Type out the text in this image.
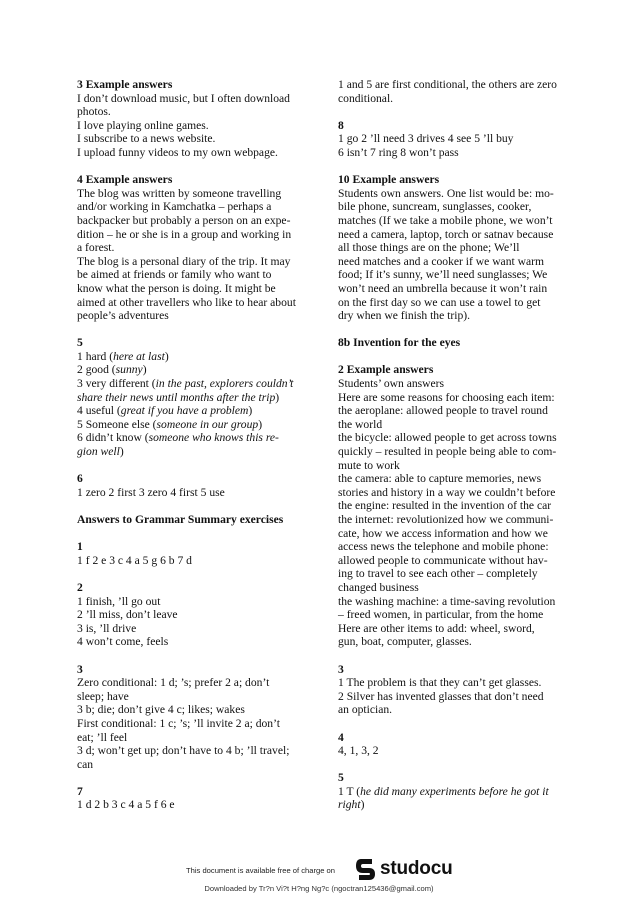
3 Example answers
I don’t download music, but I often download
photos.
I love playing online games.
I subscribe to a news website.
I upload funny videos to my own webpage.
4 Example answers
The blog was written by someone travelling
and/or working in Kamchatka – perhaps a
backpacker but probably a person on an expe-
dition – he or she is in a group and working in
a forest.
The blog is a personal diary of the trip. It may
be aimed at friends or family who want to
know what the person is doing. It might be
aimed at other travellers who like to hear about
people’s adventures
5
1 hard (here at last)
2 good (sunny)
3 very different (in the past, explorers couldn’t
share their news until months after the trip)
4 useful (great if you have a problem)
5 Someone else (someone in our group)
6 didn’t know (someone who knows this re-
gion well)
6
1 zero 2 first 3 zero 4 first 5 use
Answers to Grammar Summary exercises
1
1 f 2 e 3 c 4 a 5 g 6 b 7 d
2
1 finish, ’ll go out
2 ’ll miss, don’t leave
3 is, ’ll drive
4 won’t come, feels
3
Zero conditional: 1 d; ’s; prefer 2 a; don’t
sleep; have
3 b; die; don’t give 4 c; likes; wakes
First conditional: 1 c; ’s; ’ll invite 2 a; don’t
eat; ’ll feel
3 d; won’t get up; don’t have to 4 b; ’ll travel;
can
7
1 d 2 b 3 c 4 a 5 f 6 e
1 and 5 are first conditional, the others are zero
conditional.
8
1 go 2 ’ll need 3 drives 4 see 5 ’ll buy
6 isn’t 7 ring 8 won’t pass
10 Example answers
Students own answers. One list would be: mo-
bile phone, suncream, sunglasses, cooker,
matches (If we take a mobile phone, we won’t
need a camera, laptop, torch or satnav because
all those things are on the phone; We’ll
need matches and a cooker if we want warm
food; If it’s sunny, we’ll need sunglasses; We
won’t need an umbrella because it won’t rain
on the first day so we can use a towel to get
dry when we finish the trip).
8b Invention for the eyes
2 Example answers
Students’ own answers
Here are some reasons for choosing each item:
the aeroplane: allowed people to travel round
the world
the bicycle: allowed people to get across towns
quickly – resulted in people being able to com-
mute to work
the camera: able to capture memories, news
stories and history in a way we couldn’t before
the engine: resulted in the invention of the car
the internet: revolutionized how we communi-
cate, how we access information and how we
access news the telephone and mobile phone:
allowed people to communicate without hav-
ing to travel to see each other – completely
changed business
the washing machine: a time-saving revolution
– freed women, in particular, from the home
Here are other items to add: wheel, sword,
gun, boat, computer, glasses.
3
1 The problem is that they can’t get glasses.
2 Silver has invented glasses that don’t need
an optician.
4
4, 1, 3, 2
5
1 T (he did many experiments before he got it
right)
This document is available free of charge on studocu
Downloaded by Tr?n Vi?t H?ng Ng?c (ngoctran125436@gmail.com)
